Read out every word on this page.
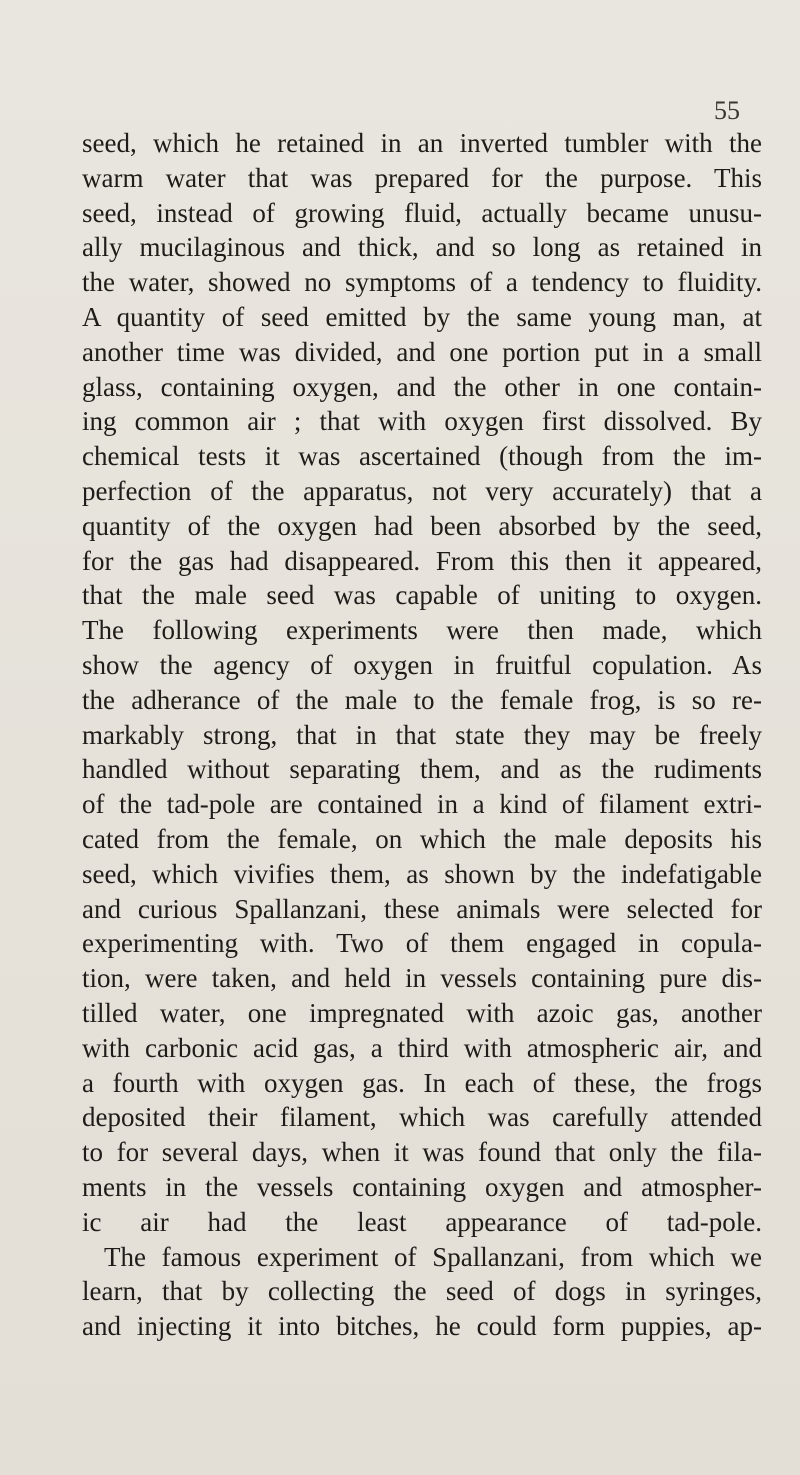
55
seed, which he retained in an inverted tumbler with the
warm water that was prepared for the purpose. This
seed, instead of growing fluid, actually became unusu-
ally mucilaginous and thick, and so long as retained in
the water, showed no symptoms of a tendency to fluidity.
A quantity of seed emitted by the same young man, at
another time was divided, and one portion put in a small
glass, containing oxygen, and the other in one contain-
ing common air ; that with oxygen first dissolved. By
chemical tests it was ascertained (though from the im-
perfection of the apparatus, not very accurately) that a
quantity of the oxygen had been absorbed by the seed,
for the gas had disappeared. From this then it appeared,
that the male seed was capable of uniting to oxygen.
The following experiments were then made, which
show the agency of oxygen in fruitful copulation. As
the adherance of the male to the female frog, is so re-
markably strong, that in that state they may be freely
handled without separating them, and as the rudiments
of the tad-pole are contained in a kind of filament extri-
cated from the female, on which the male deposits his
seed, which vivifies them, as shown by the indefatigable
and curious Spallanzani, these animals were selected for
experimenting with. Two of them engaged in copula-
tion, were taken, and held in vessels containing pure dis-
tilled water, one impregnated with azoic gas, another
with carbonic acid gas, a third with atmospheric air, and
a fourth with oxygen gas. In each of these, the frogs
deposited their filament, which was carefully attended
to for several days, when it was found that only the fila-
ments in the vessels containing oxygen and atmospher-
ic air had the least appearance of tad-pole.
The famous experiment of Spallanzani, from which we
learn, that by collecting the seed of dogs in syringes,
and injecting it into bitches, he could form puppies, ap-
